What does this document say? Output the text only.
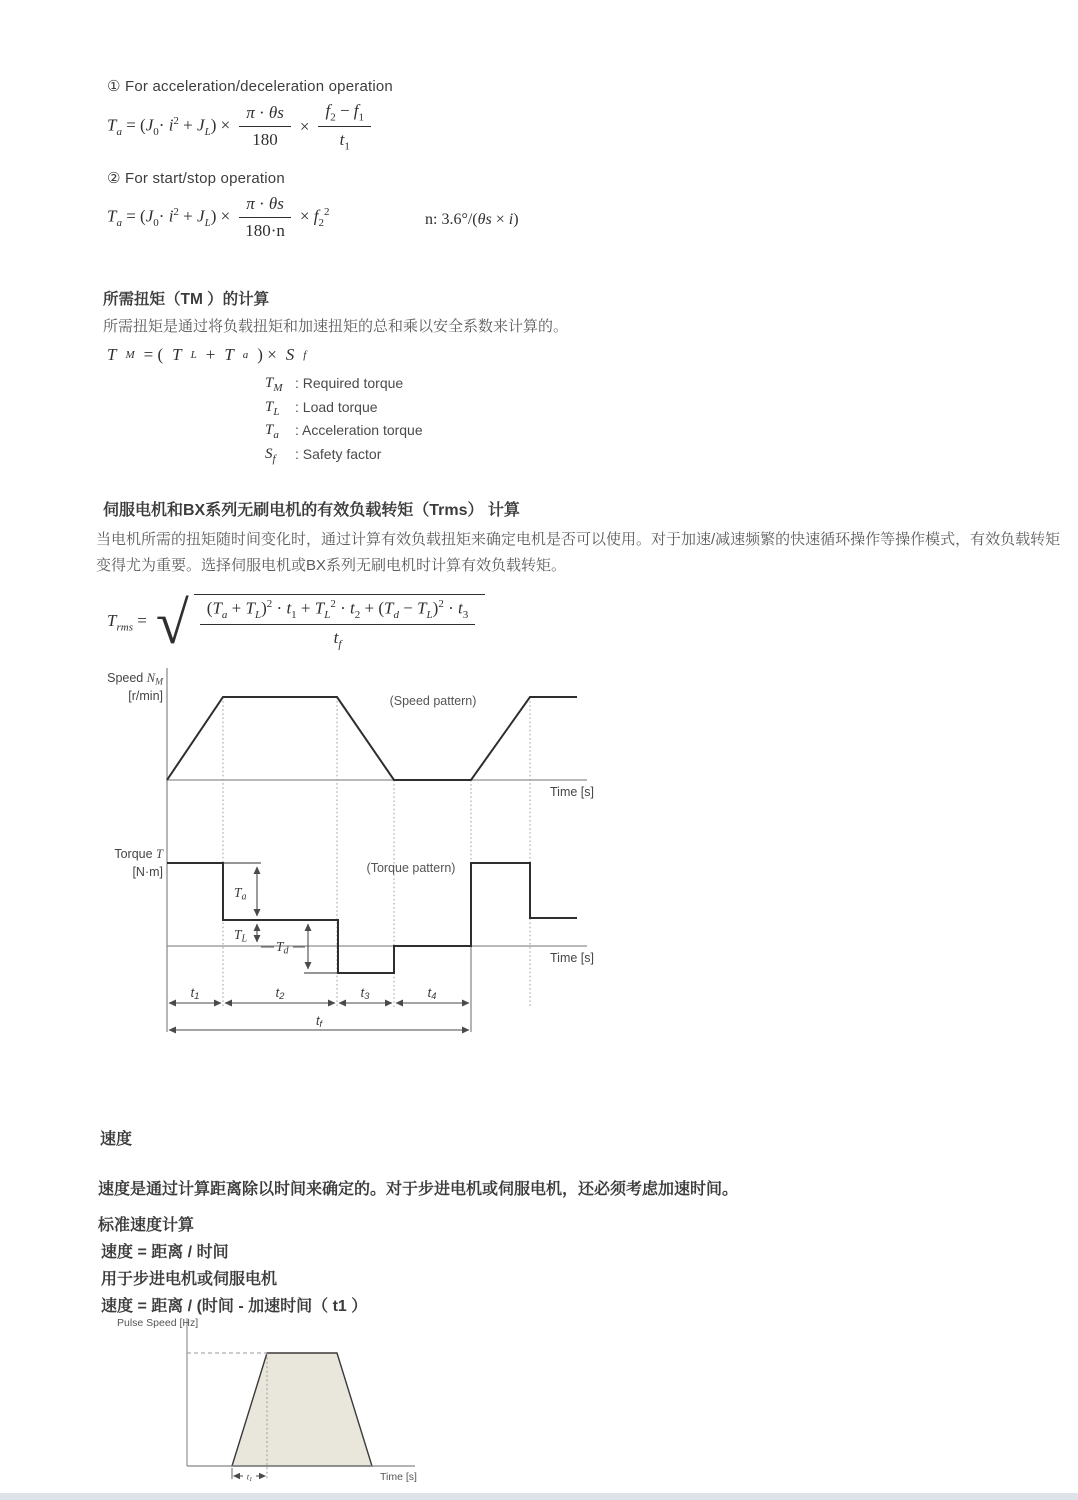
① For acceleration/deceleration operation
$T_a = (J_0\cdot i^2 + J_L) \times \frac{\pi \cdot \theta s}{180} \times \frac{f_2 - f_1}{t_1}$
② For start/stop operation
$T_a = (J_0\cdot i^2 + J_L) \times \frac{\pi \cdot \theta s}{180\cdot n} \times f_2^2$	n: 3.6°/(θs × i)
所需扭矩（TM ）的计算
所需扭矩是通过将负载扭矩和加速扭矩的总和乘以安全系数来计算的。
T M = ( T L + T a ) × S f
$T_M$ : Required torque
$T_L$	: Load torque
$T_a$	: Acceleration torque
$S_f$	: Safety factor
伺服电机和BX系列无刷电机的有效负载转矩（Trms） 计算
当电机所需的扭矩随时间变化时，通过计算有效负载扭矩来确定电机是否可以使用。对于加速/减速频繁的快速循环操作等操作模式，有效负载转矩变得尤为重要。选择伺服电机或BX系列无刷电机时计算有效负载转矩。
$T_{rms}$ = √ $\frac{(T_a + T_L)^2 \cdot t_1 + T_L^2 \cdot t_2 + (T_d - T_L)^2 \cdot t_3}{t_f}$
Speed $N_M$
[r/min]	(Speed pattern)
Time [s]
Torque T
[N·m]	(Torque pattern)
Time [s]
Ta
TL Td
t1	t2	t3	t4
tf
速度
速度是通过计算距离除以时间来确定的。对于步进电机或伺服电机，还必须考虑加速时间。
标准速度计算
速度 = 距离 / 时间
用于步进电机或伺服电机
速度 = 距离 / (时间 - 加速时间（ t1 ）
Pulse Speed [Hz]
t1	Time [s]
